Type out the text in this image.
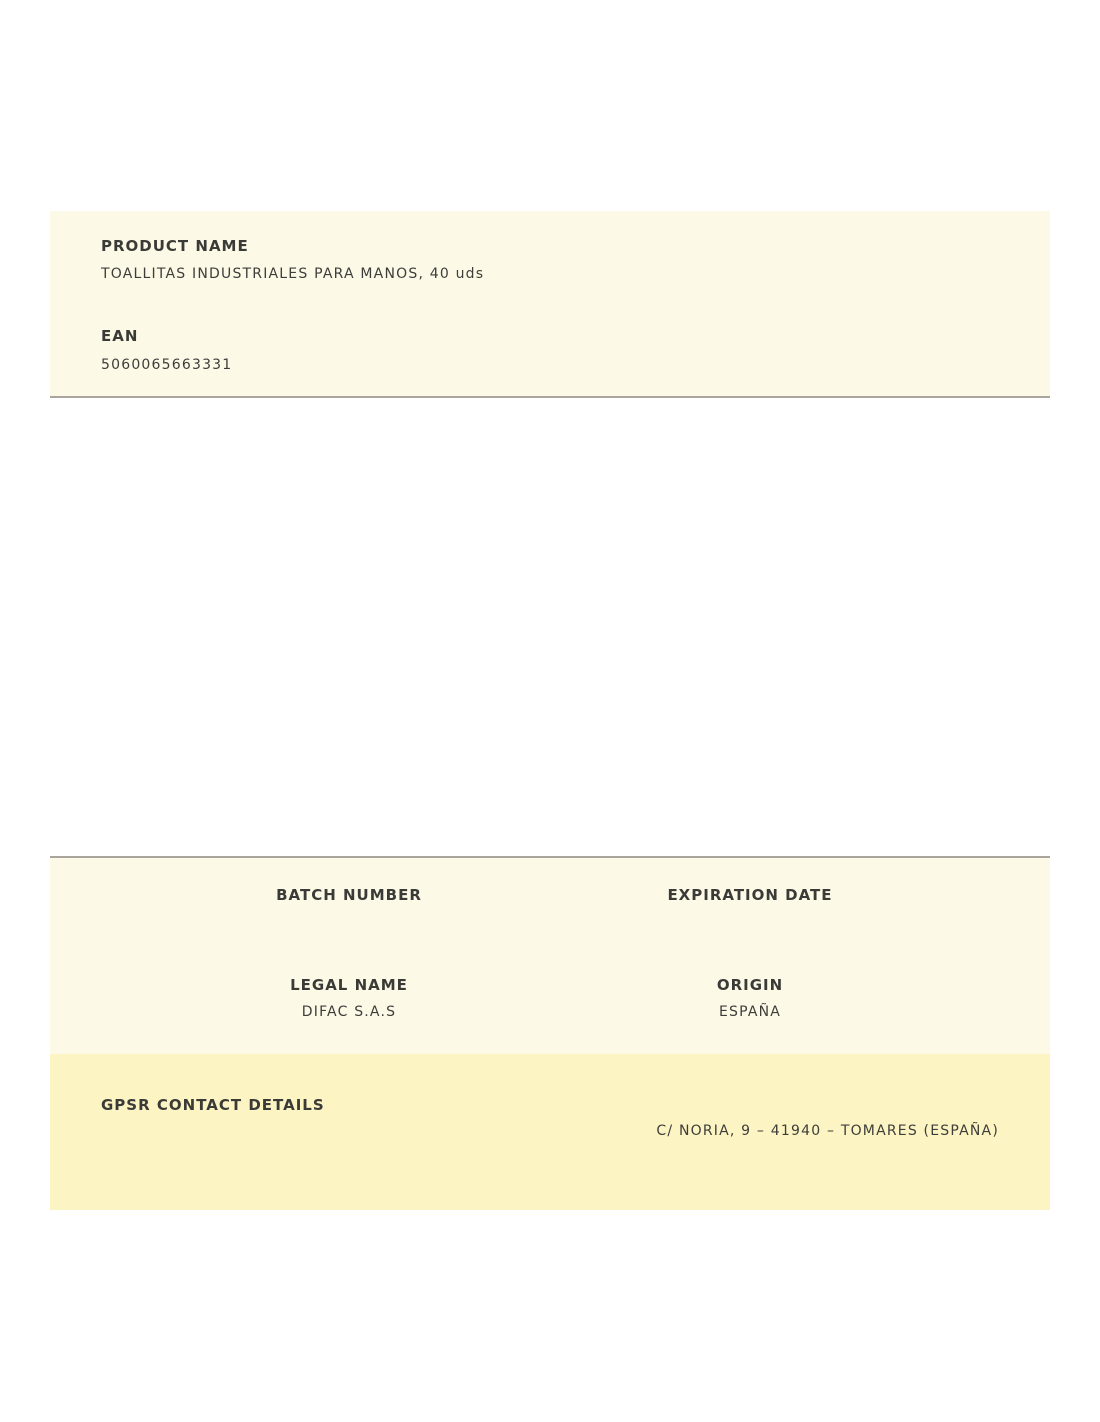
PRODUCT NAME
TOALLITAS INDUSTRIALES PARA MANOS, 40 uds
EAN
5060065663331
BATCH NUMBER	EXPIRATION DATE
LEGAL NAME
DIFAC S.A.S
ORIGIN
ESPAÑA
GPSR CONTACT DETAILS
C/ NORIA, 9 – 41940 – TOMARES (ESPAÑA)
